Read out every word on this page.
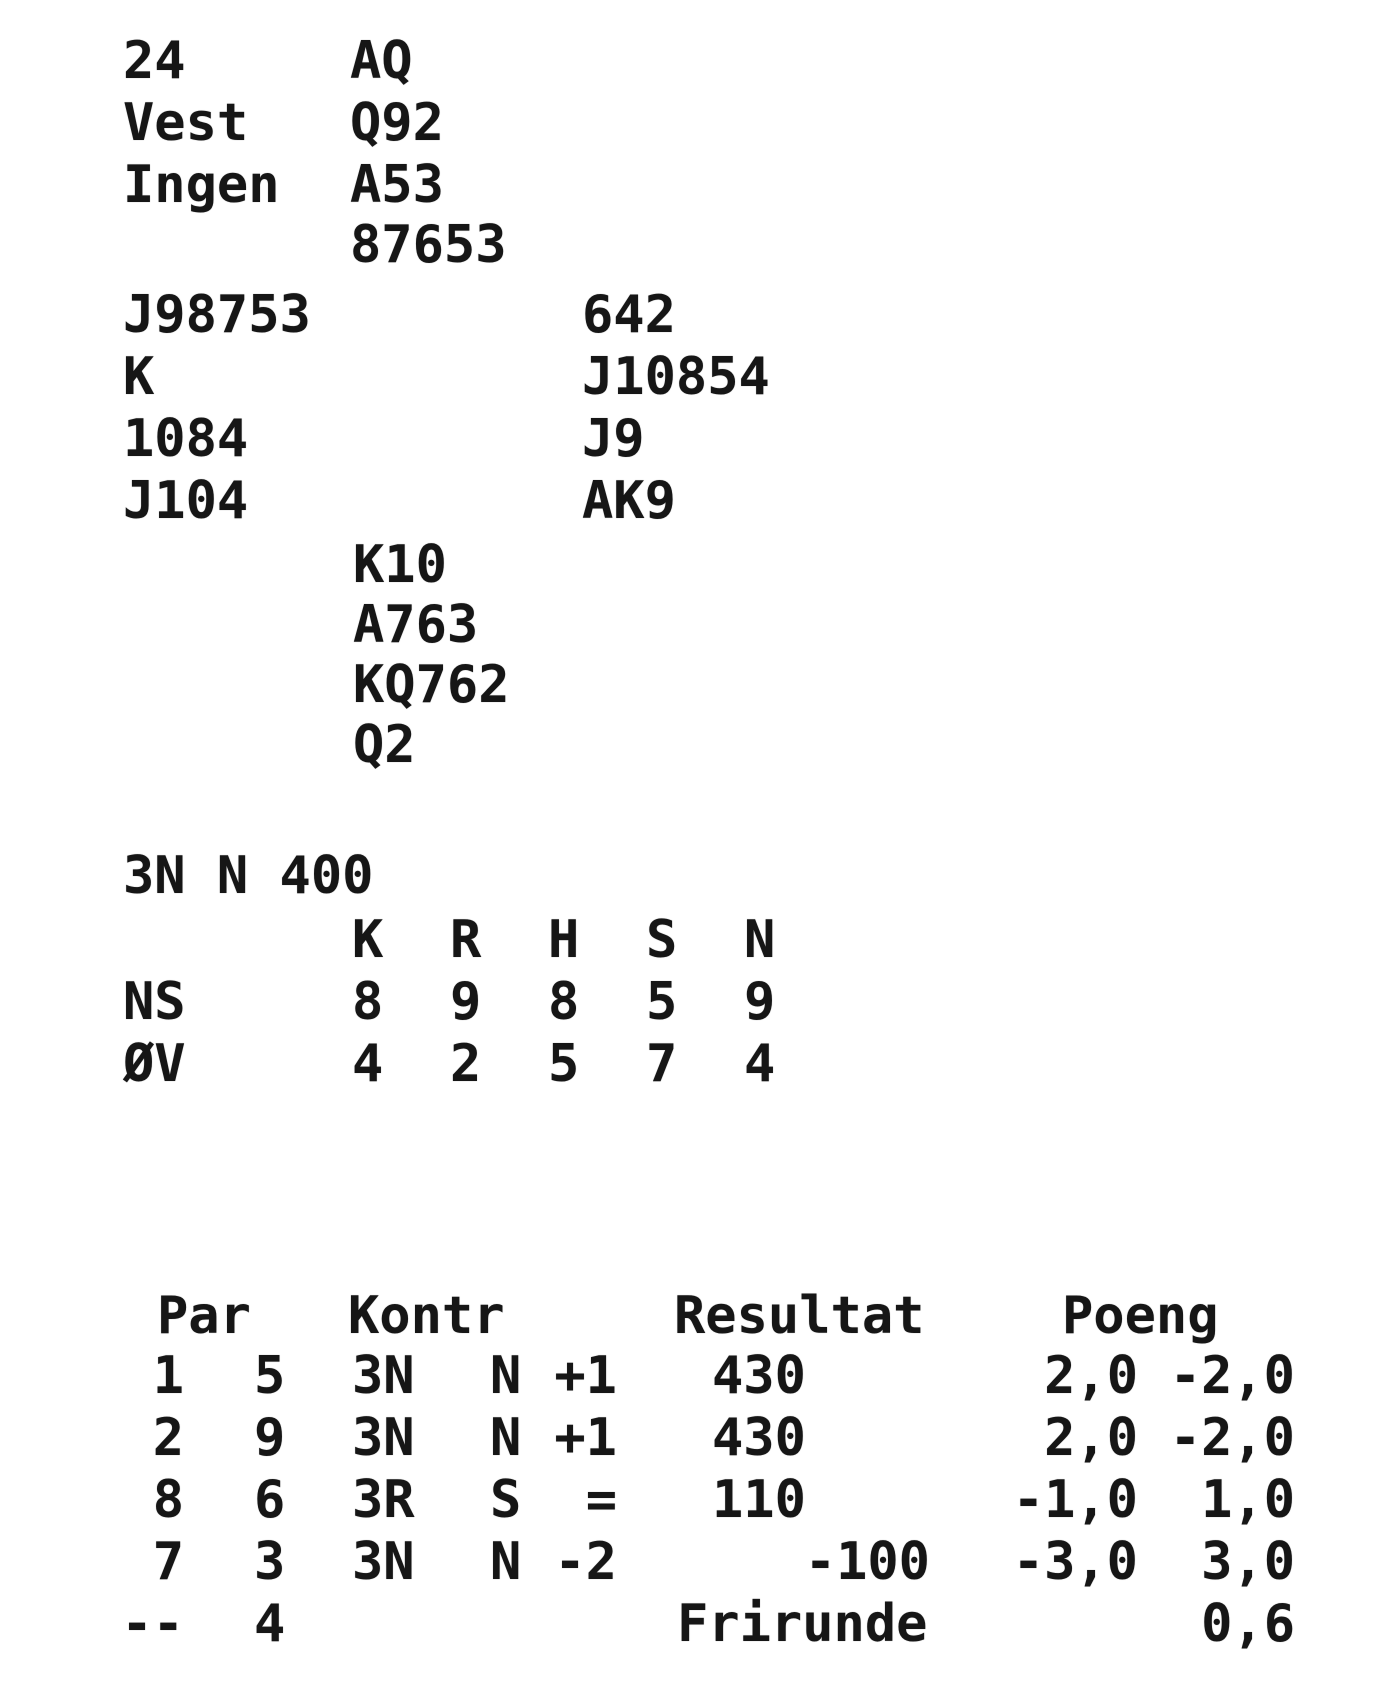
24
Vest
Ingen
AQ
Q92
A53
87653
J98753
K
1084
J104
642
J10854
J9
AK9
K10
A763
KQ762
Q2
3N N 400
K R H S N
NS	8 9 8 5 9
ØV	4 2 5 7 4
Par Kontr	Resultat	Poeng
1 5 3N N +1 430	2,0 -2,0
2 9 3N N +1 430	2,0 -2,0
8 6 3R S	= 110	-1,0	1,0
7 3 3N N -2	-100	-3,0	3,0
-- 4	Frirunde	0,6
